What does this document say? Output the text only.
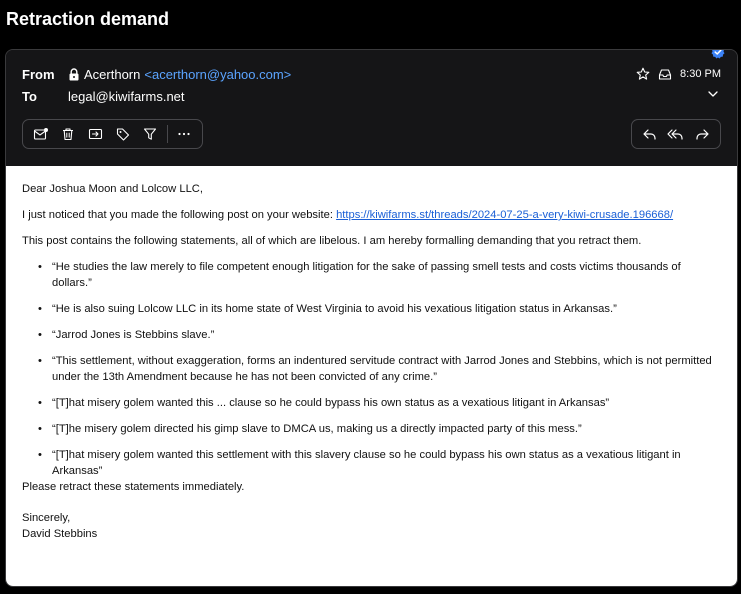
Retraction demand
From	Acerthorn <acerthorn@yahoo.com>
To	legal@kiwifarms.net
8:30 PM

Dear Joshua Moon and Lolcow LLC,

I just noticed that you made the following post on your website: https://kiwifarms.st/threads/2024-07-25-a-very-kiwi-crusade.196668/

This post contains the following statements, all of which are libelous. I am hereby formalling demanding that you retract them.

• “He studies the law merely to file competent enough litigation for the sake of passing smell tests and costs victims thousands of dollars.”
• “He is also suing Lolcow LLC in its home state of West Virginia to avoid his vexatious litigation status in Arkansas.”
• “Jarrod Jones is Stebbins slave.”
• “This settlement, without exaggeration, forms an indentured servitude contract with Jarrod Jones and Stebbins, which is not permitted under the 13th Amendment because he has not been convicted of any crime.”
• “[T]hat misery golem wanted this ... clause so he could bypass his own status as a vexatious litigant in Arkansas”
• “[T]he misery golem directed his gimp slave to DMCA us, making us a directly impacted party of this mess.”
• “[T]hat misery golem wanted this settlement with this slavery clause so he could bypass his own status as a vexatious litigant in Arkansas”

Please retract these statements immediately.

Sincerely,

David Stebbins
